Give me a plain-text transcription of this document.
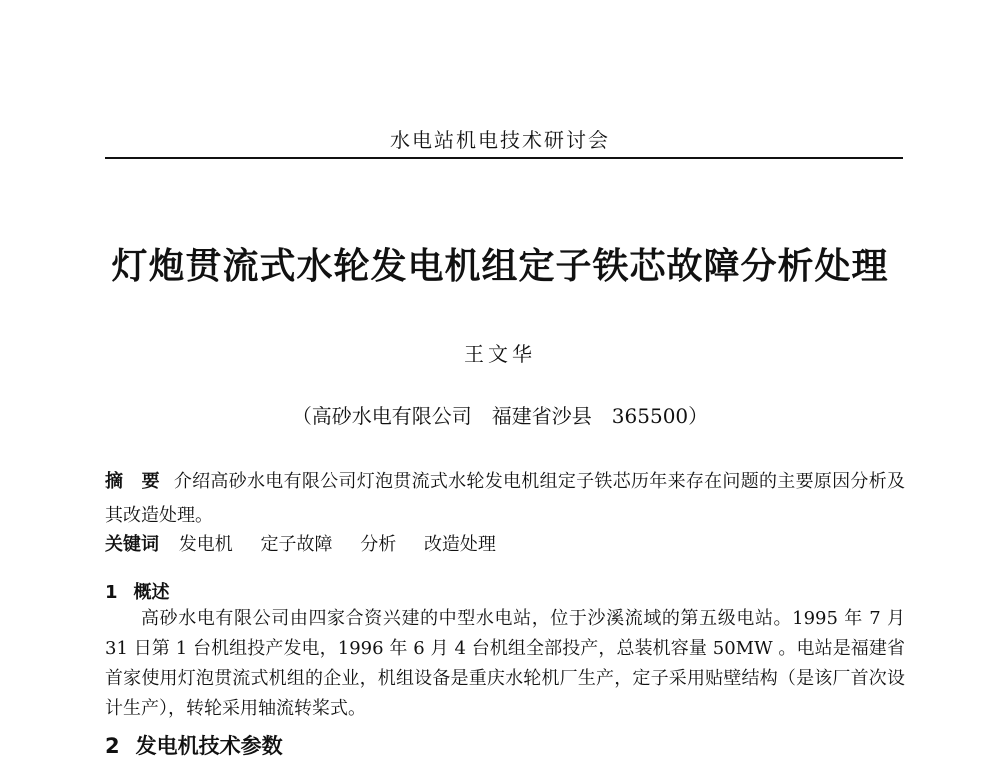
水电站机电技术研讨会
灯炮贯流式水轮发电机组定子铁芯故障分析处理
王文华
（高砂水电有限公司　福建省沙县　365500）
摘　要 介绍高砂水电有限公司灯泡贯流式水轮发电机组定子铁芯历年来存在问题的主要原因分析及其改造处理。
关键词 发电机 定子故障 分析 改造处理
1 概述
高砂水电有限公司由四家合资兴建的中型水电站，位于沙溪流域的第五级电站。1995 年 7 月 31 日第 1 台机组投产发电，1996 年 6 月 4 台机组全部投产，总装机容量 50MW 。电站是福建省首家使用灯泡贯流式机组的企业，机组设备是重庆水轮机厂生产，定子采用贴壁结构（是该厂首次设计生产），转轮采用轴流转桨式。
2 发电机技术参数
